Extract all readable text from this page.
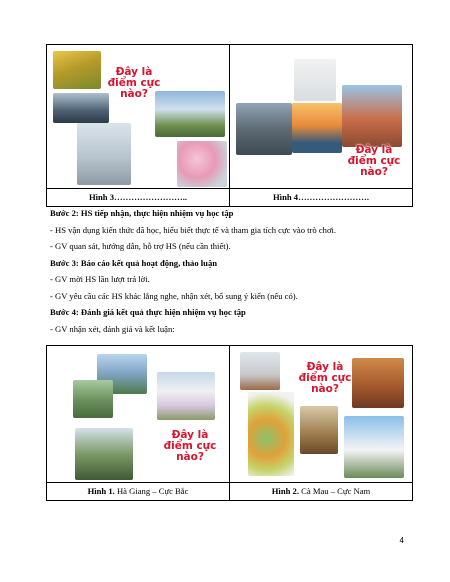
Đây là
điểm cực
nào?	Đây là
điểm cực
nào?

Hình 3……………………..	Hình 4…………………….
Bước 2: HS tiếp nhận, thực hiện nhiệm vụ học tập
- HS vận dụng kiến thức đã học, hiểu biết thực tế và tham gia tích cực vào trò chơi.
- GV quan sát, hướng dẫn, hỗ trợ HS (nếu cần thiết).
Bước 3: Báo cáo kết quả hoạt động, thảo luận
- GV mời HS lần lượt trả lời.
- GV yêu cầu các HS khác lắng nghe, nhận xét, bổ sung ý kiến (nếu có).
Bước 4: Đánh giá kết quả thực hiện nhiệm vụ học tập
- GV nhận xét, đánh giá và kết luận:
Đây là
điểm cực
nào?	Đây là
điểm cực
nào?

Hình 1. Hà Giang – Cực Bắc	Hình 2. Cà Mau – Cực Nam
4
